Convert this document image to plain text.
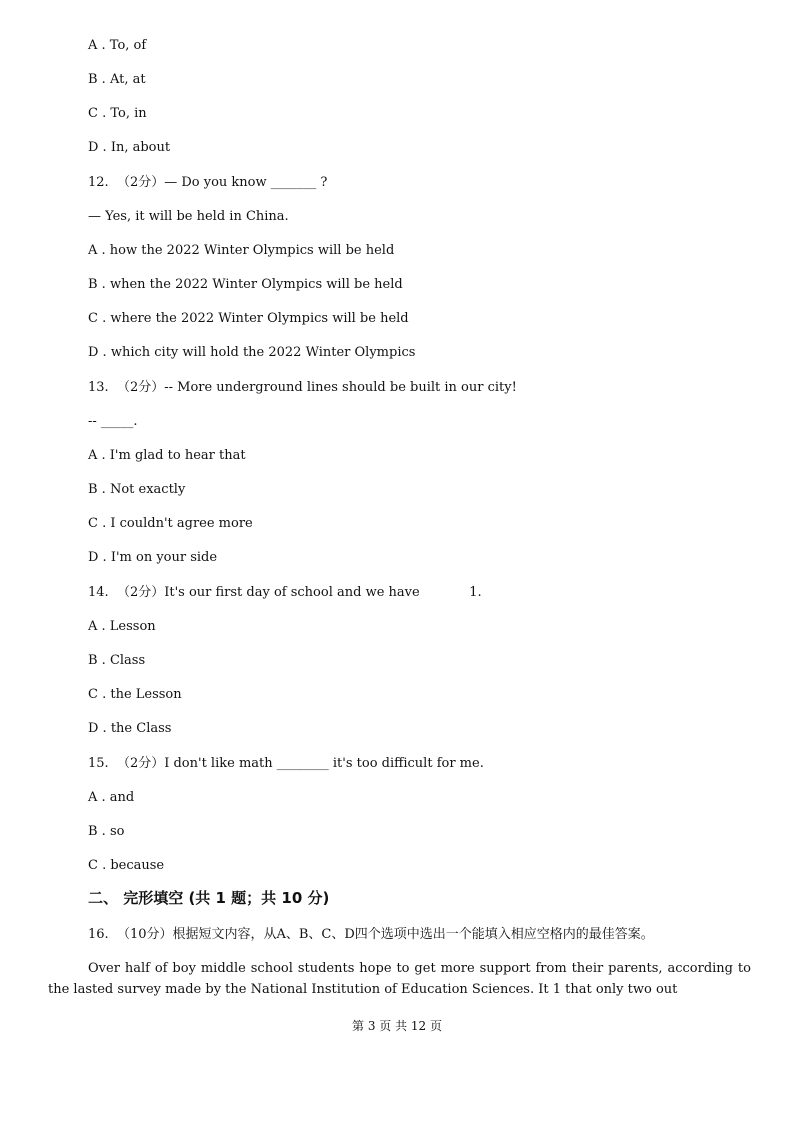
A . To, of
B . At, at
C . To, in
D . In, about
12.  （2分）— Do you know _______ ?
— Yes, it will be held in China.
A . how the 2022 Winter Olympics will be held
B . when the 2022 Winter Olympics will be held
C . where the 2022 Winter Olympics will be held
D . which city will hold the 2022 Winter Olympics
13.  （2分）-- More underground lines should be built in our city!
-- _____.
A . I'm glad to hear that
B . Not exactly
C . I couldn't agree more
D . I'm on your side
14.  （2分）It's our first day of school and we have            1.
A . Lesson
B . Class
C . the Lesson
D . the Class
15.  （2分）I don't like math ________ it's too difficult for me.
A . and
B . so
C . because
二、 完形填空 (共 1 题；共 10 分)
16.  （10分）根据短文内容，从A、B、C、D四个选项中选出一个能填入相应空格内的最佳答案。
Over half of boy middle school students hope to get more support from their parents, according to the lasted survey made by the National Institution of Education Sciences. It 1 that only two out
第 3 页 共 12 页
